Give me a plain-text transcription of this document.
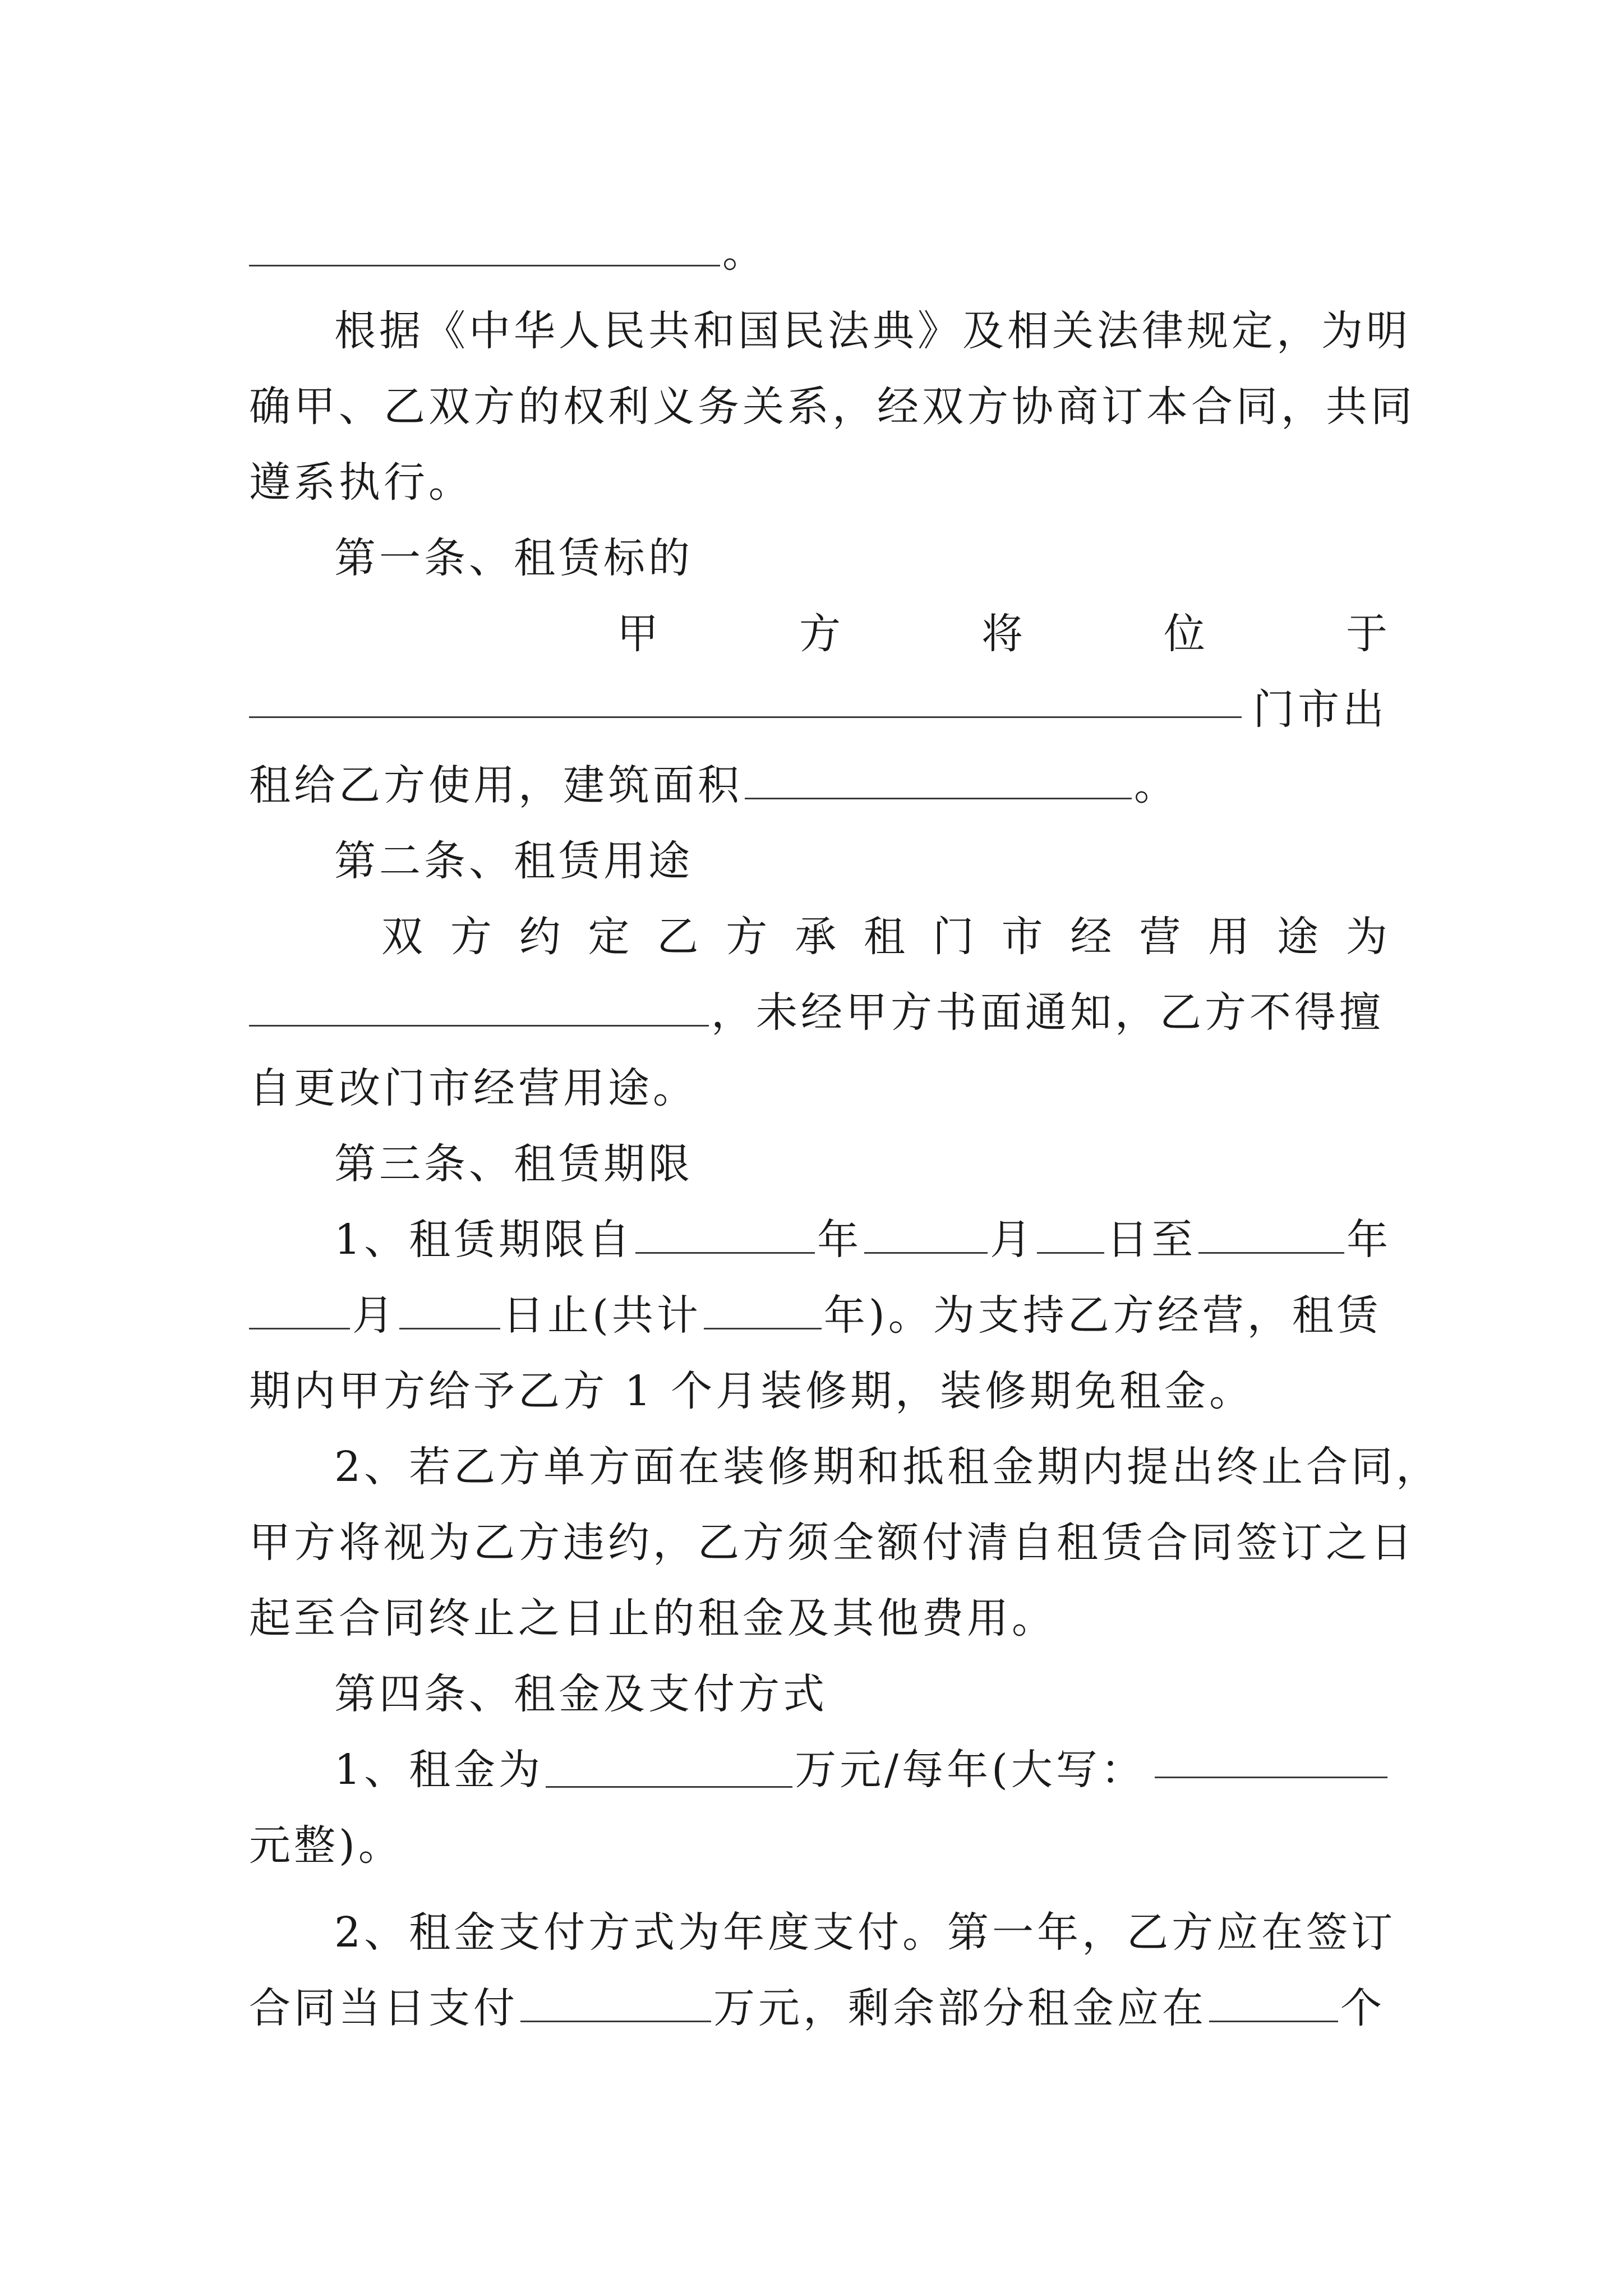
。
根据《中华人民共和国民法典》及相关法律规定，为明
确甲、乙双方的权利义务关系，经双方协商订本合同，共同
遵系执行。
第一条、租赁标的
甲	方	将	位	于
门市出
租给乙方使用，建筑面积	。
第二条、租赁用途
双 方 约 定 乙 方 承 租 门 市 经 营 用 途 为
，未经甲方书面通知，乙方不得擅
自更改门市经营用途。
第三条、租赁期限
1、租赁期限自	年	月 日至	年
月	日止(共计	年)。为支持乙方经营，租赁
期内甲方给予乙方 1 个月装修期，装修期免租金。
2、若乙方单方面在装修期和抵租金期内提出终止合同，
甲方将视为乙方违约，乙方须全额付清自租赁合同签订之日
起至合同终止之日止的租金及其他费用。
第四条、租金及支付方式
1、租金为	万元/每年(大写：
元整)。
2、租金支付方式为年度支付。第一年，乙方应在签订
合同当日支付	万元，剩余部分租金应在	个
